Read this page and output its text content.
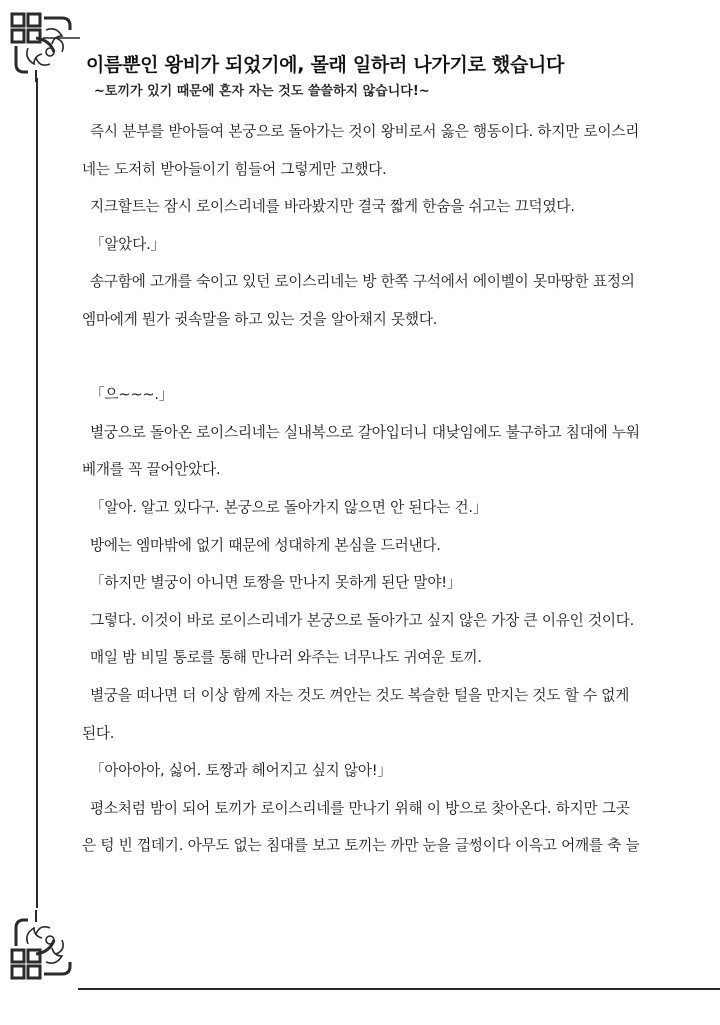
이름뿐인 왕비가 되었기에, 몰래 일하러 나가기로 했습니다
~토끼가 있기 때문에 혼자 자는 것도 쓸쓸하지 않습니다!~

즉시 분부를 받아들여 본궁으로 돌아가는 것이 왕비로서 옳은 행동이다. 하지만 로이스리

네는 도저히 받아들이기 힘들어 그렇게만 고했다.

지크할트는 잠시 로이스리네를 바라봤지만 결국 짧게 한숨을 쉬고는 끄덕였다.

「알았다.」

송구함에 고개를 숙이고 있던 로이스리네는 방 한쪽 구석에서 에이벨이 못마땅한 표정의

엠마에게 뭔가 귓속말을 하고 있는 것을 알아채지 못했다.

「으~~~.」

별궁으로 돌아온 로이스리네는 실내복으로 갈아입더니 대낮임에도 불구하고 침대에 누워

베개를 꼭 끌어안았다.

「알아. 알고 있다구. 본궁으로 돌아가지 않으면 안 된다는 건.」

방에는 엠마밖에 없기 때문에 성대하게 본심을 드러낸다.

「하지만 별궁이 아니면 토짱을 만나지 못하게 된단 말야!」

그렇다. 이것이 바로 로이스리네가 본궁으로 돌아가고 싶지 않은 가장 큰 이유인 것이다.

매일 밤 비밀 통로를 통해 만나러 와주는 너무나도 귀여운 토끼.

별궁을 떠나면 더 이상 함께 자는 것도 껴안는 것도 복슬한 털을 만지는 것도 할 수 없게

된다.

「아아아아, 싫어. 토짱과 헤어지고 싶지 않아!」

평소처럼 밤이 되어 토끼가 로이스리네를 만나기 위해 이 방으로 찾아온다. 하지만 그곳

은 텅 빈 껍데기. 아무도 없는 침대를 보고 토끼는 까만 눈을 글썽이다 이윽고 어깨를 축 늘
